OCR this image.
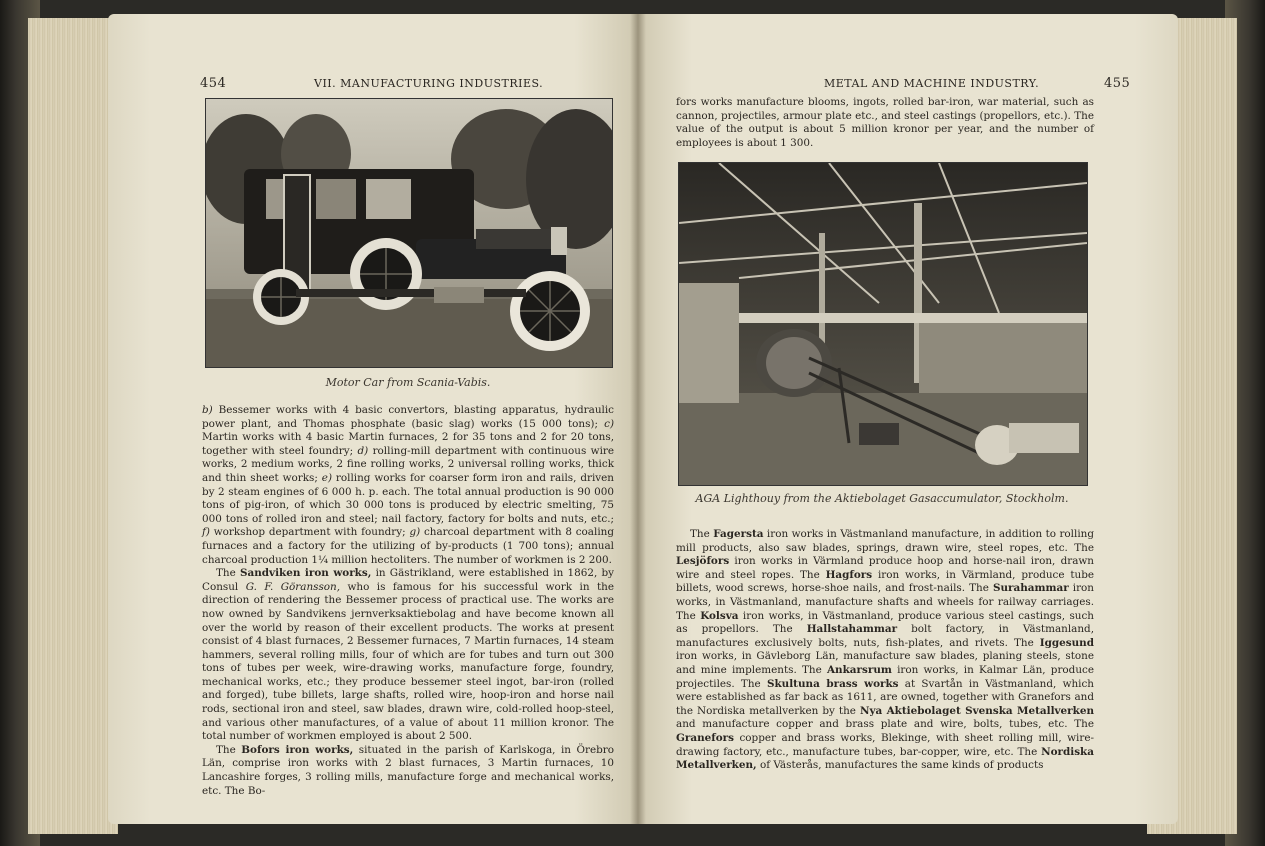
454	VII. MANUFACTURING INDUSTRIES.
Motor Car from Scania-Vabis.

b) Bessemer works with 4 basic convertors, blasting apparatus, hydraulic power plant, and Thomas phosphate (basic slag) works (15 000 tons); c) Martin works with 4 basic Martin furnaces, 2 for 35 tons and 2 for 20 tons, together with steel foundry; d) rolling-mill department with continuous wire works, 2 medium works, 2 fine rolling works, 2 universal rolling works, thick and thin sheet works; e) rolling works for coarser form iron and rails, driven by 2 steam engines of 6 000 h. p. each. The total annual production is 90 000 tons of pig-iron, of which 30 000 tons is produced by electric smelting, 75 000 tons of rolled iron and steel; nail factory, factory for bolts and nuts, etc.; f) workshop department with foundry; g) charcoal department with 8 coaling furnaces and a factory for the utilizing of by-products (1 700 tons); annual charcoal production 1¼ million hectoliters. The number of workmen is 2 200.

The Sandviken iron works, in Gästrikland, were established in 1862, by Consul G. F. Göransson, who is famous for his successful work in the direction of rendering the Bessemer process of practical use. The works are now owned by Sandvikens jernverksaktiebolag and have become known all over the world by reason of their excellent products. The works at present consist of 4 blast furnaces, 2 Bessemer furnaces, 7 Martin furnaces, 14 steam hammers, several rolling mills, four of which are for tubes and turn out 300 tons of tubes per week, wire-drawing works, manufacture forge, foundry, mechanical works, etc.; they produce bessemer steel ingot, bar-iron (rolled and forged), tube billets, large shafts, rolled wire, hoop-iron and horse nail rods, sectional iron and steel, saw blades, drawn wire, cold-rolled hoop-steel, and various other manufactures, of a value of about 11 million kronor. The total number of workmen employed is about 2 500.

The Bofors iron works, situated in the parish of Karlskoga, in Örebro Län, comprise iron works with 2 blast furnaces, 3 Martin furnaces, 10 Lancashire forges, 3 rolling mills, manufacture forge and mechanical works, etc. The Bo-

METAL AND MACHINE INDUSTRY.	455

fors works manufacture blooms, ingots, rolled bar-iron, war material, such as cannon, projectiles, armour plate etc., and steel castings (propellors, etc.). The value of the output is about 5 million kronor per year, and the number of employees is about 1 300.

AGA Lighthouy from the Aktiebolaget Gasaccumulator, Stockholm.

The Fagersta iron works in Västmanland manufacture, in addition to rolling mill products, also saw blades, springs, drawn wire, steel ropes, etc. The Lesjöfors iron works in Värmland produce hoop and horse-nail iron, drawn wire and steel ropes. The Hagfors iron works, in Värmland, produce tube billets, wood screws, horse-shoe nails, and frost-nails. The Surahammar iron works, in Västmanland, manufacture shafts and wheels for railway carriages. The Kolsva iron works, in Västmanland, produce various steel castings, such as propellors. The Hallstahammar bolt factory, in Västmanland, manufactures exclusively bolts, nuts, fish-plates, and rivets. The Iggesund iron works, in Gävleborg Län, manufacture saw blades, planing steels, stone and mine implements. The Ankarsrum iron works, in Kalmar Län, produce projectiles. The Skultuna brass works at Svartån in Västmanland, which were established as far back as 1611, are owned, together with Granefors and the Nordiska metallverken by the Nya Aktiebolaget Svenska Metallverken and manufacture copper and brass plate and wire, bolts, tubes, etc. The Granefors copper and brass works, Blekinge, with sheet rolling mill, wire-drawing factory, etc., manufacture tubes, bar-copper, wire, etc. The Nordiska Metallverken, of Västerås, manufactures the same kinds of products
